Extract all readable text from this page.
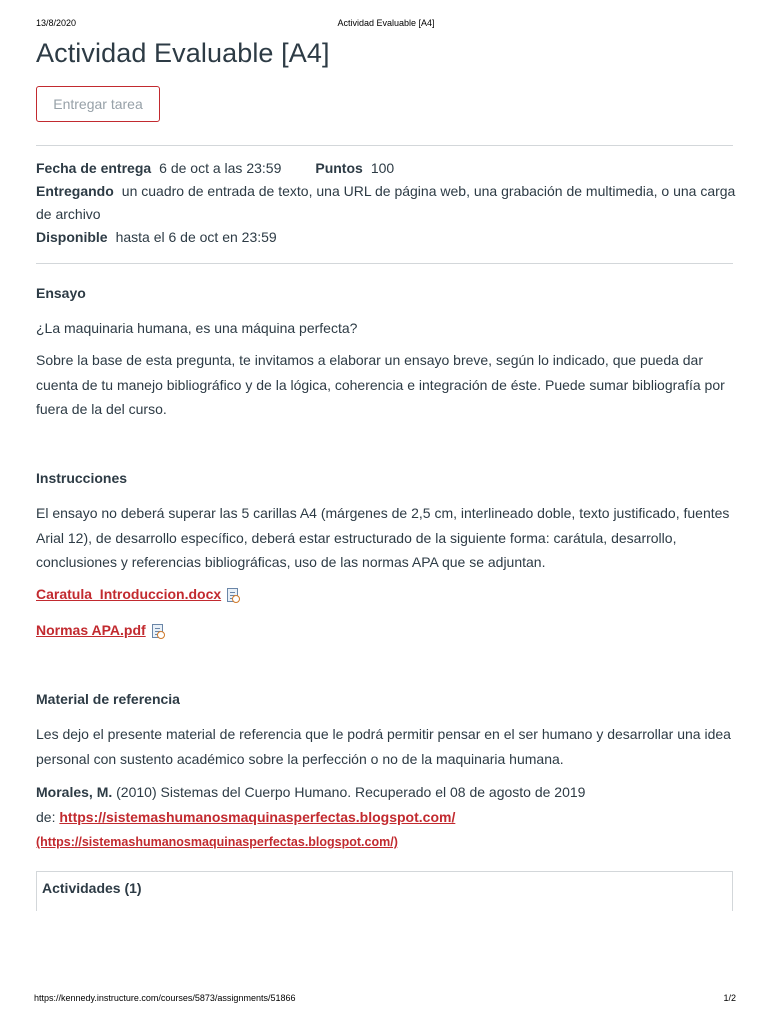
13/8/2020	Actividad Evaluable [A4]
Actividad Evaluable [A4]
Entregar tarea
Fecha de entrega 6 de oct a las 23:59 Puntos 100
Entregando un cuadro de entrada de texto, una URL de página web, una grabación de multimedia, o una carga de archivo
Disponible hasta el 6 de oct en 23:59
Ensayo

¿La maquinaria humana, es una máquina perfecta?

Sobre la base de esta pregunta, te invitamos a elaborar un ensayo breve, según lo indicado, que pueda dar cuenta de tu manejo bibliográfico y de la lógica, coherencia e integración de éste. Puede sumar bibliografía por fuera de la del curso.

Instrucciones

El ensayo no deberá superar las 5 carillas A4 (márgenes de 2,5 cm, interlineado doble, texto justificado, fuentes Arial 12), de desarrollo específico, deberá estar estructurado de la siguiente forma: carátula, desarrollo, conclusiones y referencias bibliográficas, uso de las normas APA que se adjuntan.

Caratula_Introduccion.docx
Normas APA.pdf
Material de referencia

Les dejo el presente material de referencia que le podrá permitir pensar en el ser humano y desarrollar una idea personal con sustento académico sobre la perfección o no de la maquinaria humana.

Morales, M. (2010) Sistemas del Cuerpo Humano. Recuperado el 08 de agosto de 2019
de: https://sistemashumanosmaquinasperfectas.blogspot.com/
(https://sistemashumanosmaquinasperfectas.blogspot.com/)

Actividades (1)
https://kennedy.instructure.com/courses/5873/assignments/51866	1/2
